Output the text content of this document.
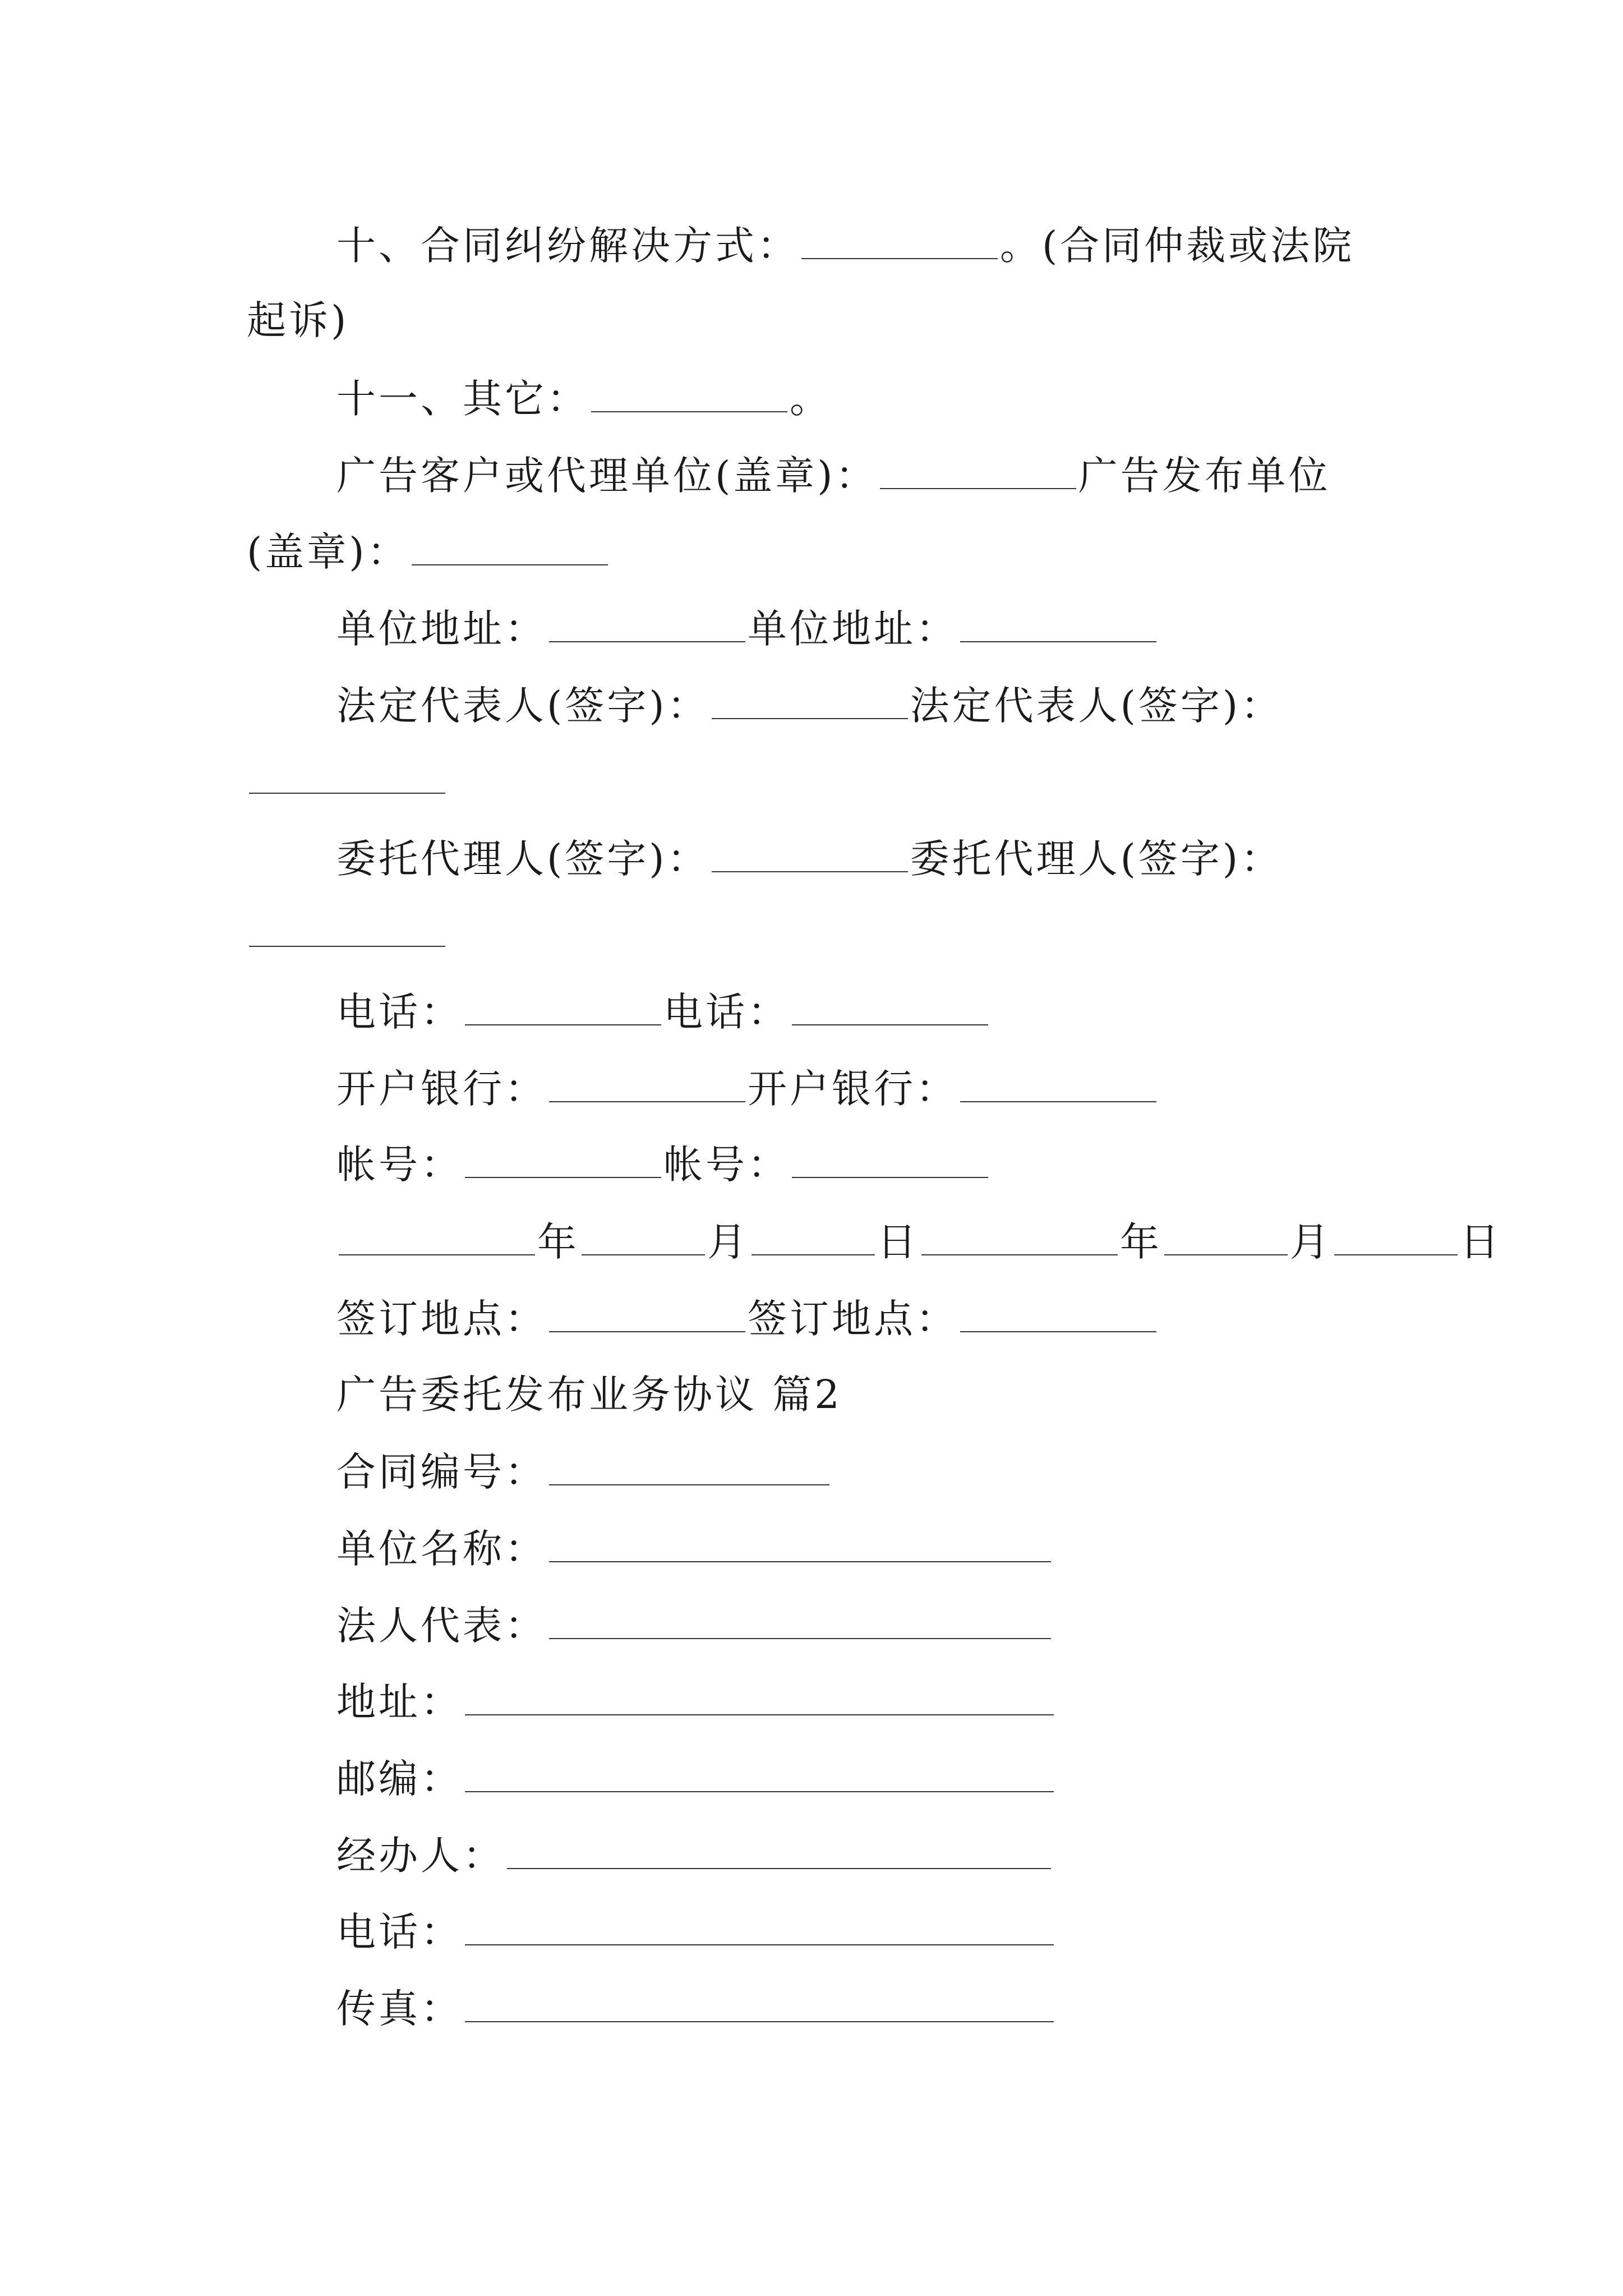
十、合同纠纷解决方式：	。(合同仲裁或法院
起诉)
十一、其它：	。
广告客户或代理单位(盖章)：	广告发布单位
(盖章)：
单位地址：	单位地址：
法定代表人(签字)：	法定代表人(签字)：
委托代理人(签字)：	委托代理人(签字)：
电话：	电话：
开户银行：	开户银行：
帐号：	帐号：
年	月	日	年	月	日
签订地点：	签订地点：
广告委托发布业务协议 篇2
合同编号：
单位名称：
法人代表：
地址：
邮编：
经办人：
电话：
传真：
